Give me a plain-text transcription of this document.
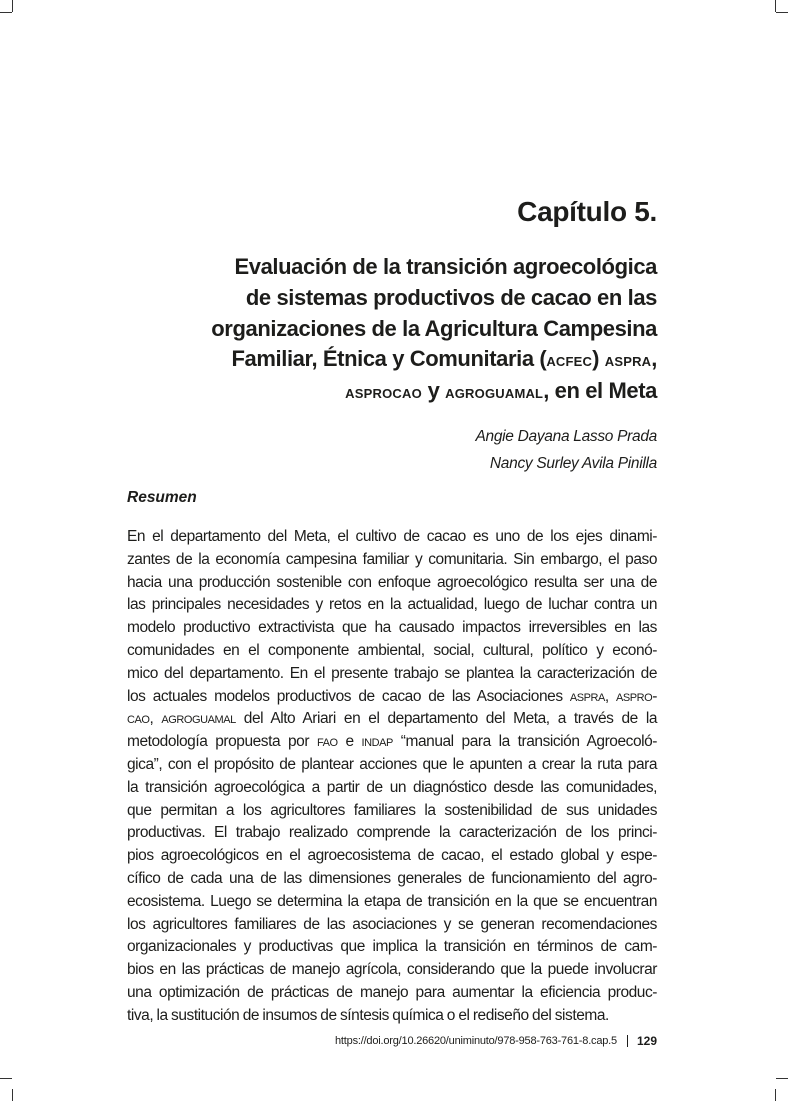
Capítulo 5.
Evaluación de la transición agroecológica
de sistemas productivos de cacao en las
organizaciones de la Agricultura Campesina
Familiar, Étnica y Comunitaria (acfec) aspra,
asprocao y agroguamal, en el Meta
Angie Dayana Lasso Prada
Nancy Surley Avila Pinilla
Resumen
En el departamento del Meta, el cultivo de cacao es uno de los ejes dinami-
zantes de la economía campesina familiar y comunitaria. Sin embargo, el paso
hacia una producción sostenible con enfoque agroecológico resulta ser una de
las principales necesidades y retos en la actualidad, luego de luchar contra un
modelo productivo extractivista que ha causado impactos irreversibles en las
comunidades en el componente ambiental, social, cultural, político y econó-
mico del departamento. En el presente trabajo se plantea la caracterización de
los actuales modelos productivos de cacao de las Asociaciones aspra, aspro-
cao, agroguamal del Alto Ariari en el departamento del Meta, a través de la
metodología propuesta por fao e indap “manual para la transición Agroecoló-
gica”, con el propósito de plantear acciones que le apunten a crear la ruta para
la transición agroecológica a partir de un diagnóstico desde las comunidades,
que permitan a los agricultores familiares la sostenibilidad de sus unidades
productivas. El trabajo realizado comprende la caracterización de los princi-
pios agroecológicos en el agroecosistema de cacao, el estado global y espe-
cífico de cada una de las dimensiones generales de funcionamiento del agro-
ecosistema. Luego se determina la etapa de transición en la que se encuentran
los agricultores familiares de las asociaciones y se generan recomendaciones
organizacionales y productivas que implica la transición en términos de cam-
bios en las prácticas de manejo agrícola, considerando que la puede involucrar
una optimización de prácticas de manejo para aumentar la eficiencia produc-
tiva, la sustitución de insumos de síntesis química o el rediseño del sistema.
https://doi.org/10.26620/uniminuto/978-958-763-761-8.cap.5 129
